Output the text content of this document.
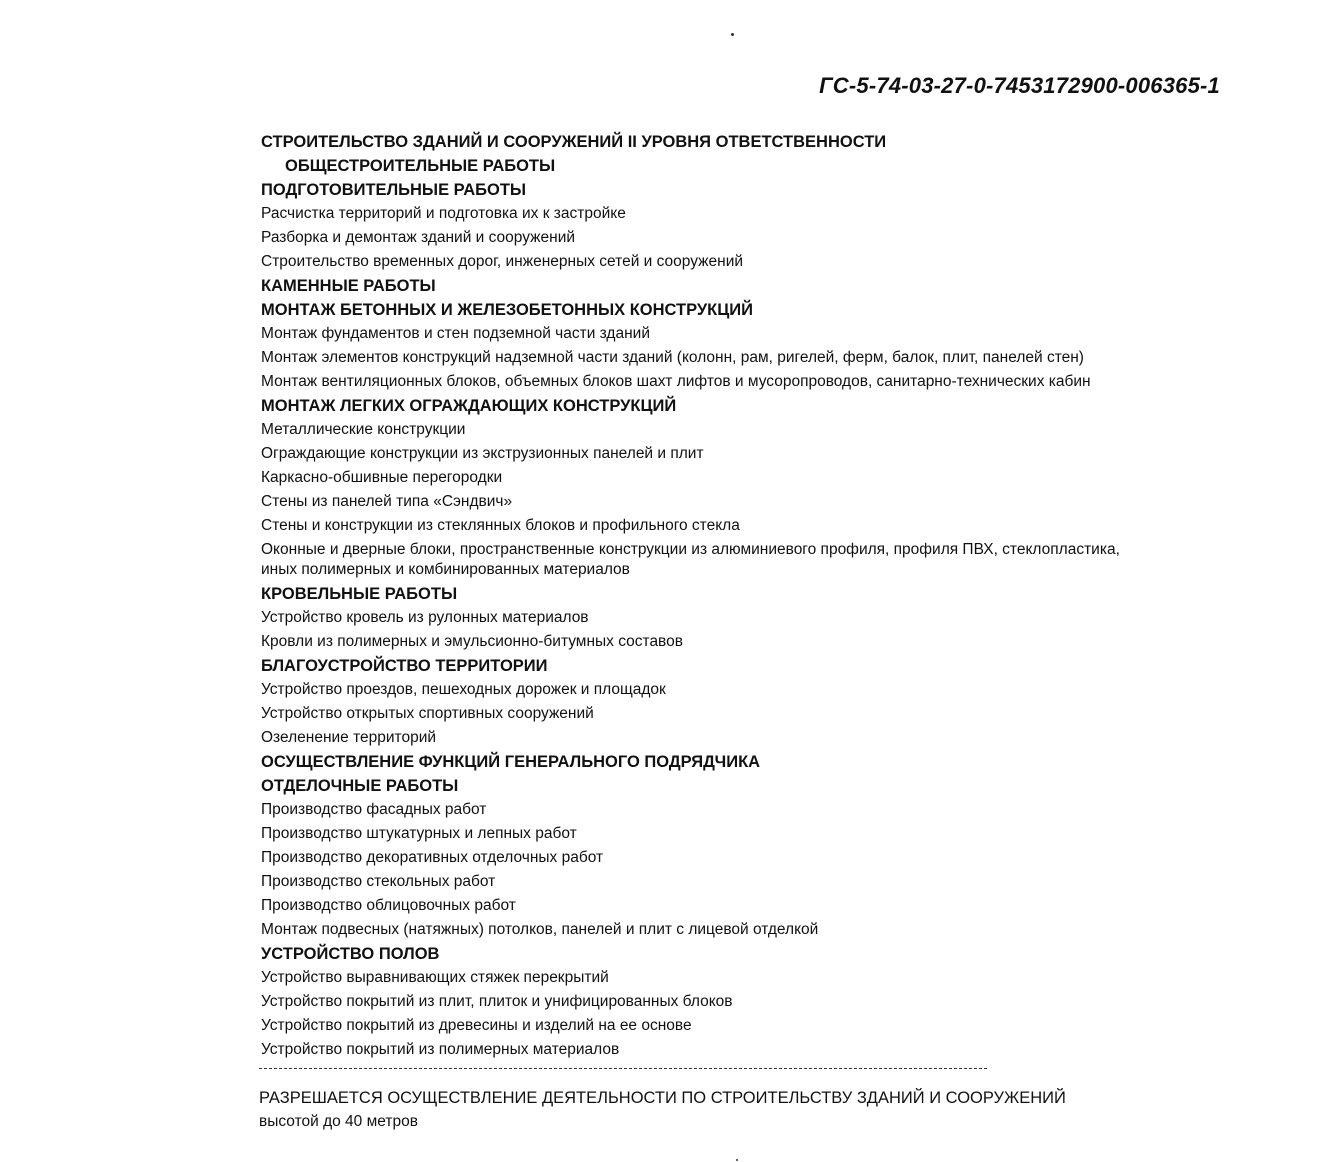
ГС-5-74-03-27-0-7453172900-006365-1
СТРОИТЕЛЬСТВО ЗДАНИЙ И СООРУЖЕНИЙ II УРОВНЯ ОТВЕТСТВЕННОСТИ
ОБЩЕСТРОИТЕЛЬНЫЕ РАБОТЫ
ПОДГОТОВИТЕЛЬНЫЕ РАБОТЫ
Расчистка территорий и подготовка их к застройке
Разборка и демонтаж зданий и сооружений
Строительство временных дорог, инженерных сетей и сооружений
КАМЕННЫЕ РАБОТЫ
МОНТАЖ БЕТОННЫХ И ЖЕЛЕЗОБЕТОННЫХ КОНСТРУКЦИЙ
Монтаж фундаментов и стен подземной части зданий
Монтаж элементов конструкций надземной части зданий (колонн, рам, ригелей, ферм, балок, плит, панелей стен)
Монтаж вентиляционных блоков, объемных блоков шахт лифтов и мусоропроводов, санитарно-технических кабин
МОНТАЖ ЛЕГКИХ ОГРАЖДАЮЩИХ КОНСТРУКЦИЙ
Металлические конструкции
Ограждающие конструкции из экструзионных панелей и плит
Каркасно-обшивные перегородки
Стены из панелей типа «Сэндвич»
Стены и конструкции из стеклянных блоков и профильного стекла
Оконные и дверные блоки, пространственные конструкции из алюминиевого профиля, профиля ПВХ, стеклопластика, иных полимерных и комбинированных материалов
КРОВЕЛЬНЫЕ РАБОТЫ
Устройство кровель из рулонных материалов
Кровли из полимерных и эмульсионно-битумных составов
БЛАГОУСТРОЙСТВО ТЕРРИТОРИИ
Устройство проездов, пешеходных дорожек и площадок
Устройство открытых спортивных сооружений
Озеленение территорий
ОСУЩЕСТВЛЕНИЕ ФУНКЦИЙ ГЕНЕРАЛЬНОГО ПОДРЯДЧИКА
ОТДЕЛОЧНЫЕ РАБОТЫ
Производство фасадных работ
Производство штукатурных и лепных работ
Производство декоративных отделочных работ
Производство стекольных работ
Производство облицовочных работ
Монтаж подвесных (натяжных) потолков, панелей и плит с лицевой отделкой
УСТРОЙСТВО ПОЛОВ
Устройство выравнивающих стяжек перекрытий
Устройство покрытий из плит, плиток и унифицированных блоков
Устройство покрытий из древесины и изделий на ее основе
Устройство покрытий из полимерных материалов
РАЗРЕШАЕТСЯ ОСУЩЕСТВЛЕНИЕ ДЕЯТЕЛЬНОСТИ ПО СТРОИТЕЛЬСТВУ ЗДАНИЙ И СООРУЖЕНИЙ
высотой до 40 метров
